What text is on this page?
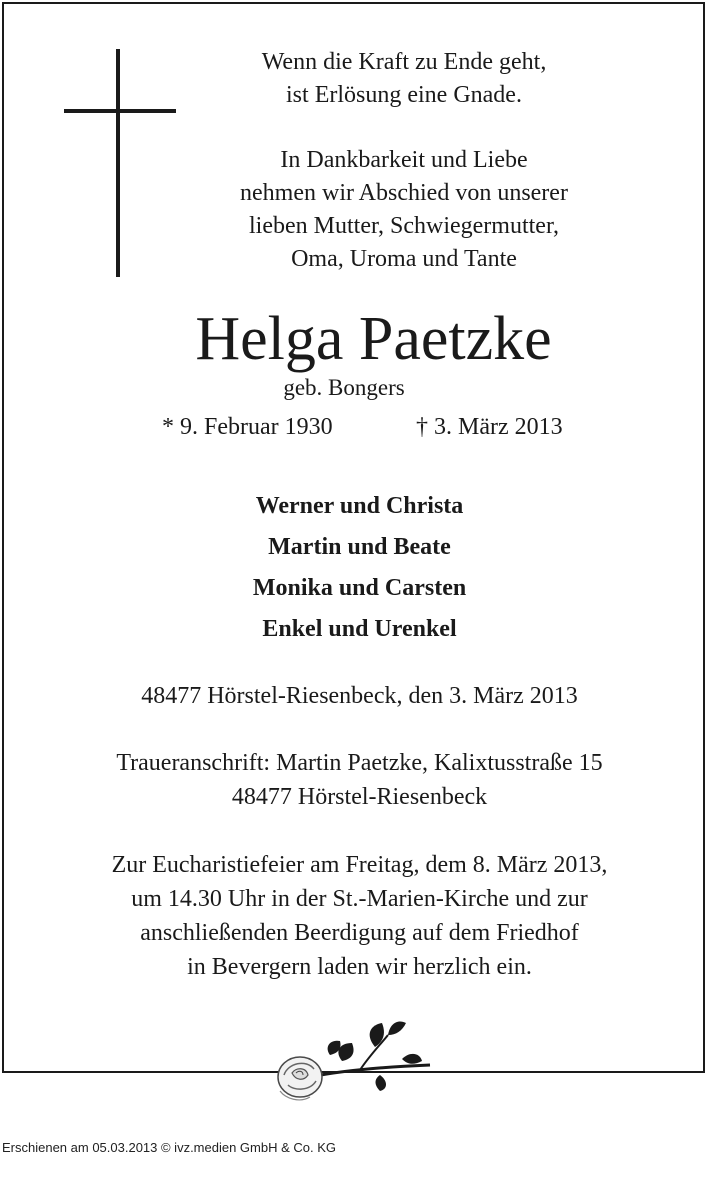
Wenn die Kraft zu Ende geht,
ist Erlösung eine Gnade.
In Dankbarkeit und Liebe
nehmen wir Abschied von unserer
lieben Mutter, Schwiegermutter,
Oma, Uroma und Tante
Helga Paetzke
geb. Bongers
* 9. Februar 1930	† 3. März 2013
Werner und Christa
Martin und Beate
Monika und Carsten
Enkel und Urenkel
48477 Hörstel-Riesenbeck, den 3. März 2013
Traueranschrift: Martin Paetzke, Kalixtusstraße 15
48477 Hörstel-Riesenbeck
Zur Eucharistiefeier am Freitag, dem 8. März 2013,
um 14.30 Uhr in der St.-Marien-Kirche und zur
anschließenden Beerdigung auf dem Friedhof
in Bevergern laden wir herzlich ein.
Erschienen am 05.03.2013 © ivz.medien GmbH & Co. KG
